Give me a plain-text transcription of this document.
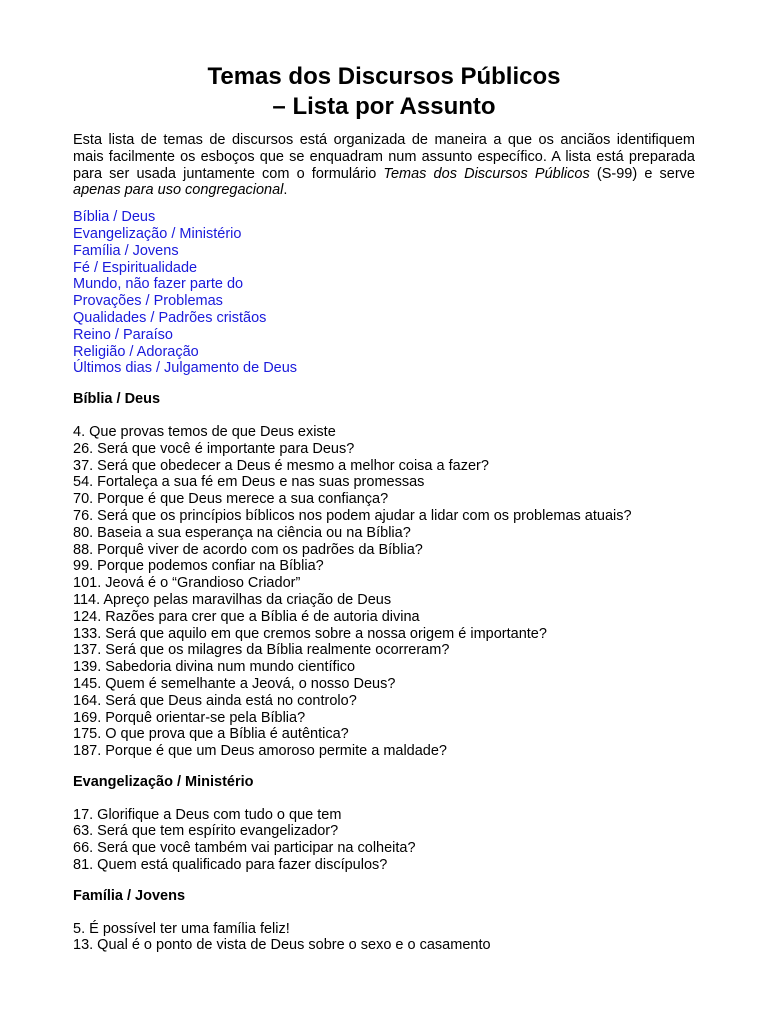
Temas dos Discursos Públicos
– Lista por Assunto

Esta lista de temas de discursos está organizada de maneira a que os anciãos identifiquem mais facilmente os esboços que se enquadram num assunto específico. A lista está preparada para ser usada juntamente com o formulário Temas dos Discursos Públicos (S-99) e serve apenas para uso congregacional.

Bíblia / Deus
Evangelização / Ministério
Família / Jovens
Fé / Espiritualidade
Mundo, não fazer parte do
Provações / Problemas
Qualidades / Padrões cristãos
Reino / Paraíso
Religião / Adoração
Últimos dias / Julgamento de Deus
Bíblia / Deus
4. Que provas temos de que Deus existe
26. Será que você é importante para Deus?
37. Será que obedecer a Deus é mesmo a melhor coisa a fazer?
54. Fortaleça a sua fé em Deus e nas suas promessas
70. Porque é que Deus merece a sua confiança?
76. Será que os princípios bíblicos nos podem ajudar a lidar com os problemas atuais?
80. Baseia a sua esperança na ciência ou na Bíblia?
88. Porquê viver de acordo com os padrões da Bíblia?
99. Porque podemos confiar na Bíblia?
101. Jeová é o “Grandioso Criador”
114. Apreço pelas maravilhas da criação de Deus
124. Razões para crer que a Bíblia é de autoria divina
133. Será que aquilo em que cremos sobre a nossa origem é importante?
137. Será que os milagres da Bíblia realmente ocorreram?
139. Sabedoria divina num mundo científico
145. Quem é semelhante a Jeová, o nosso Deus?
164. Será que Deus ainda está no controlo?
169. Porquê orientar-se pela Bíblia?
175. O que prova que a Bíblia é autêntica?
187. Porque é que um Deus amoroso permite a maldade?
Evangelização / Ministério
17. Glorifique a Deus com tudo o que tem
63. Será que tem espírito evangelizador?
66. Será que você também vai participar na colheita?
81. Quem está qualificado para fazer discípulos?
Família / Jovens
5. É possível ter uma família feliz!
13. Qual é o ponto de vista de Deus sobre o sexo e o casamento
